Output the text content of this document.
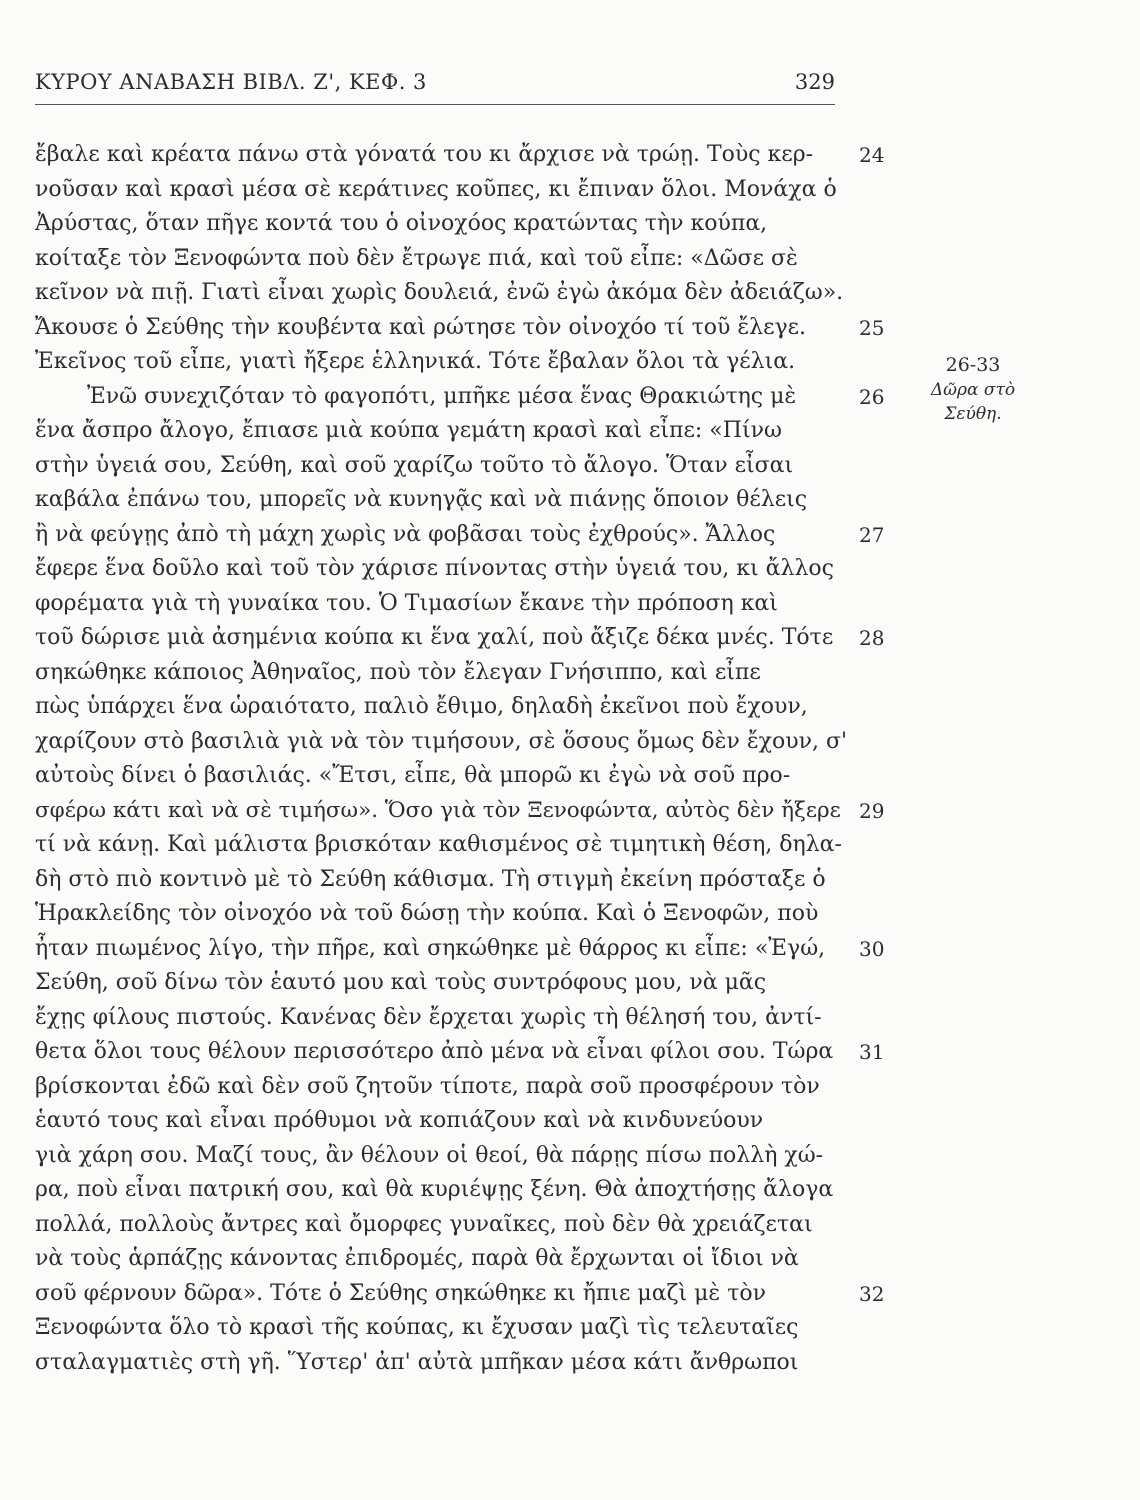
ΚΥΡΟΥ ΑΝΑΒΑΣΗ ΒΙΒΛ. Ζ', ΚΕΦ. 3	329
ἔβαλε καὶ κρέατα πάνω στὰ γόνατά του κι ἄρχισε νὰ τρώῃ. Τοὺς κερ- 24
νοῦσαν καὶ κρασὶ μέσα σὲ κεράτινες κοῦπες, κι ἔπιναν ὅλοι. Μονάχα ὁ
Ἀρύστας, ὅταν πῆγε κοντά του ὁ οἰνοχόος κρατώντας τὴν κούπα,
κοίταξε τὸν Ξενοφώντα ποὺ δὲν ἔτρωγε πιά, καὶ τοῦ εἶπε: «Δῶσε σὲ
κεῖνον νὰ πιῇ. Γιατὶ εἶναι χωρὶς δουλειά, ἐνῶ ἐγὼ ἀκόμα δὲν ἀδειάζω».
Ἄκουσε ὁ Σεύθης τὴν κουβέντα καὶ ρώτησε τὸν οἰνοχόο τί τοῦ ἔλεγε.	25
Ἐκεῖνος τοῦ εἶπε, γιατὶ ἤξερε ἑλληνικά. Τότε ἔβαλαν ὅλοι τὰ γέλια.
Ἐνῶ συνεχιζόταν τὸ φαγοπότι, μπῆκε μέσα ἕνας Θρακιώτης μὲ	26
ἕνα ἄσπρο ἄλογο, ἔπιασε μιὰ κούπα γεμάτη κρασὶ καὶ εἶπε: «Πίνω
στὴν ὑγειά σου, Σεύθη, καὶ σοῦ χαρίζω τοῦτο τὸ ἄλογο. Ὅταν εἶσαι
καβάλα ἐπάνω του, μπορεῖς νὰ κυνηγᾷς καὶ νὰ πιάνῃς ὅποιον θέλεις
ἢ νὰ φεύγῃς ἀπὸ τὴ μάχη χωρὶς νὰ φοβᾶσαι τοὺς ἐχθρούς». Ἄλλος	27
ἔφερε ἕνα δοῦλο καὶ τοῦ τὸν χάρισε πίνοντας στὴν ὑγειά του, κι ἄλλος
φορέματα γιὰ τὴ γυναίκα του. Ὁ Τιμασίων ἔκανε τὴν πρόποση καὶ
τοῦ δώρισε μιὰ ἀσημένια κούπα κι ἕνα χαλί, ποὺ ἄξιζε δέκα μνές. Τότε 28
σηκώθηκε κάποιος Ἀθηναῖος, ποὺ τὸν ἔλεγαν Γνήσιππο, καὶ εἶπε
πὼς ὑπάρχει ἕνα ὡραιότατο, παλιὸ ἔθιμο, δηλαδὴ ἐκεῖνοι ποὺ ἔχουν,
χαρίζουν στὸ βασιλιὰ γιὰ νὰ τὸν τιμήσουν, σὲ ὅσους ὅμως δὲν ἔχουν, σ'
αὐτοὺς δίνει ὁ βασιλιάς. «Ἔτσι, εἶπε, θὰ μπορῶ κι ἐγὼ νὰ σοῦ προ-
σφέρω κάτι καὶ νὰ σὲ τιμήσω». Ὅσο γιὰ τὸν Ξενοφώντα, αὐτὸς δὲν ἤξερε 29
τί νὰ κάνῃ. Καὶ μάλιστα βρισκόταν καθισμένος σὲ τιμητικὴ θέση, δηλα-
δὴ στὸ πιὸ κοντινὸ μὲ τὸ Σεύθη κάθισμα. Τὴ στιγμὴ ἐκείνη πρόσταξε ὁ
Ἡρακλείδης τὸν οἰνοχόο νὰ τοῦ δώσῃ τὴν κούπα. Καὶ ὁ Ξενοφῶν, ποὺ
ἦταν πιωμένος λίγο, τὴν πῆρε, καὶ σηκώθηκε μὲ θάρρος κι εἶπε: «Ἐγώ, 30
Σεύθη, σοῦ δίνω τὸν ἑαυτό μου καὶ τοὺς συντρόφους μου, νὰ μᾶς
ἔχῃς φίλους πιστούς. Κανένας δὲν ἔρχεται χωρὶς τὴ θέλησή του, ἀντί-
θετα ὅλοι τους θέλουν περισσότερο ἀπὸ μένα νὰ εἶναι φίλοι σου. Τώρα 31
βρίσκονται ἐδῶ καὶ δὲν σοῦ ζητοῦν τίποτε, παρὰ σοῦ προσφέρουν τὸν
ἑαυτό τους καὶ εἶναι πρόθυμοι νὰ κοπιάζουν καὶ νὰ κινδυνεύουν
γιὰ χάρη σου. Μαζί τους, ἂν θέλουν οἱ θεοί, θὰ πάρῃς πίσω πολλὴ χώ-
ρα, ποὺ εἶναι πατρική σου, καὶ θὰ κυριέψῃς ξένη. Θὰ ἀποχτήσῃς ἄλογα
πολλά, πολλοὺς ἄντρες καὶ ὄμορφες γυναῖκες, ποὺ δὲν θὰ χρειάζεται
νὰ τοὺς ἁρπάζῃς κάνοντας ἐπιδρομές, παρὰ θὰ ἔρχωνται οἱ ἴδιοι νὰ
σοῦ φέρνουν δῶρα». Τότε ὁ Σεύθης σηκώθηκε κι ἤπιε μαζὶ μὲ τὸν	32
Ξενοφώντα ὅλο τὸ κρασὶ τῆς κούπας, κι ἔχυσαν μαζὶ τὶς τελευταῖες
σταλαγματιὲς στὴ γῆ. Ὕστερ' ἀπ' αὐτὰ μπῆκαν μέσα κάτι ἄνθρωποι
26-33
Δῶρα στὸ
Σεύθη.
